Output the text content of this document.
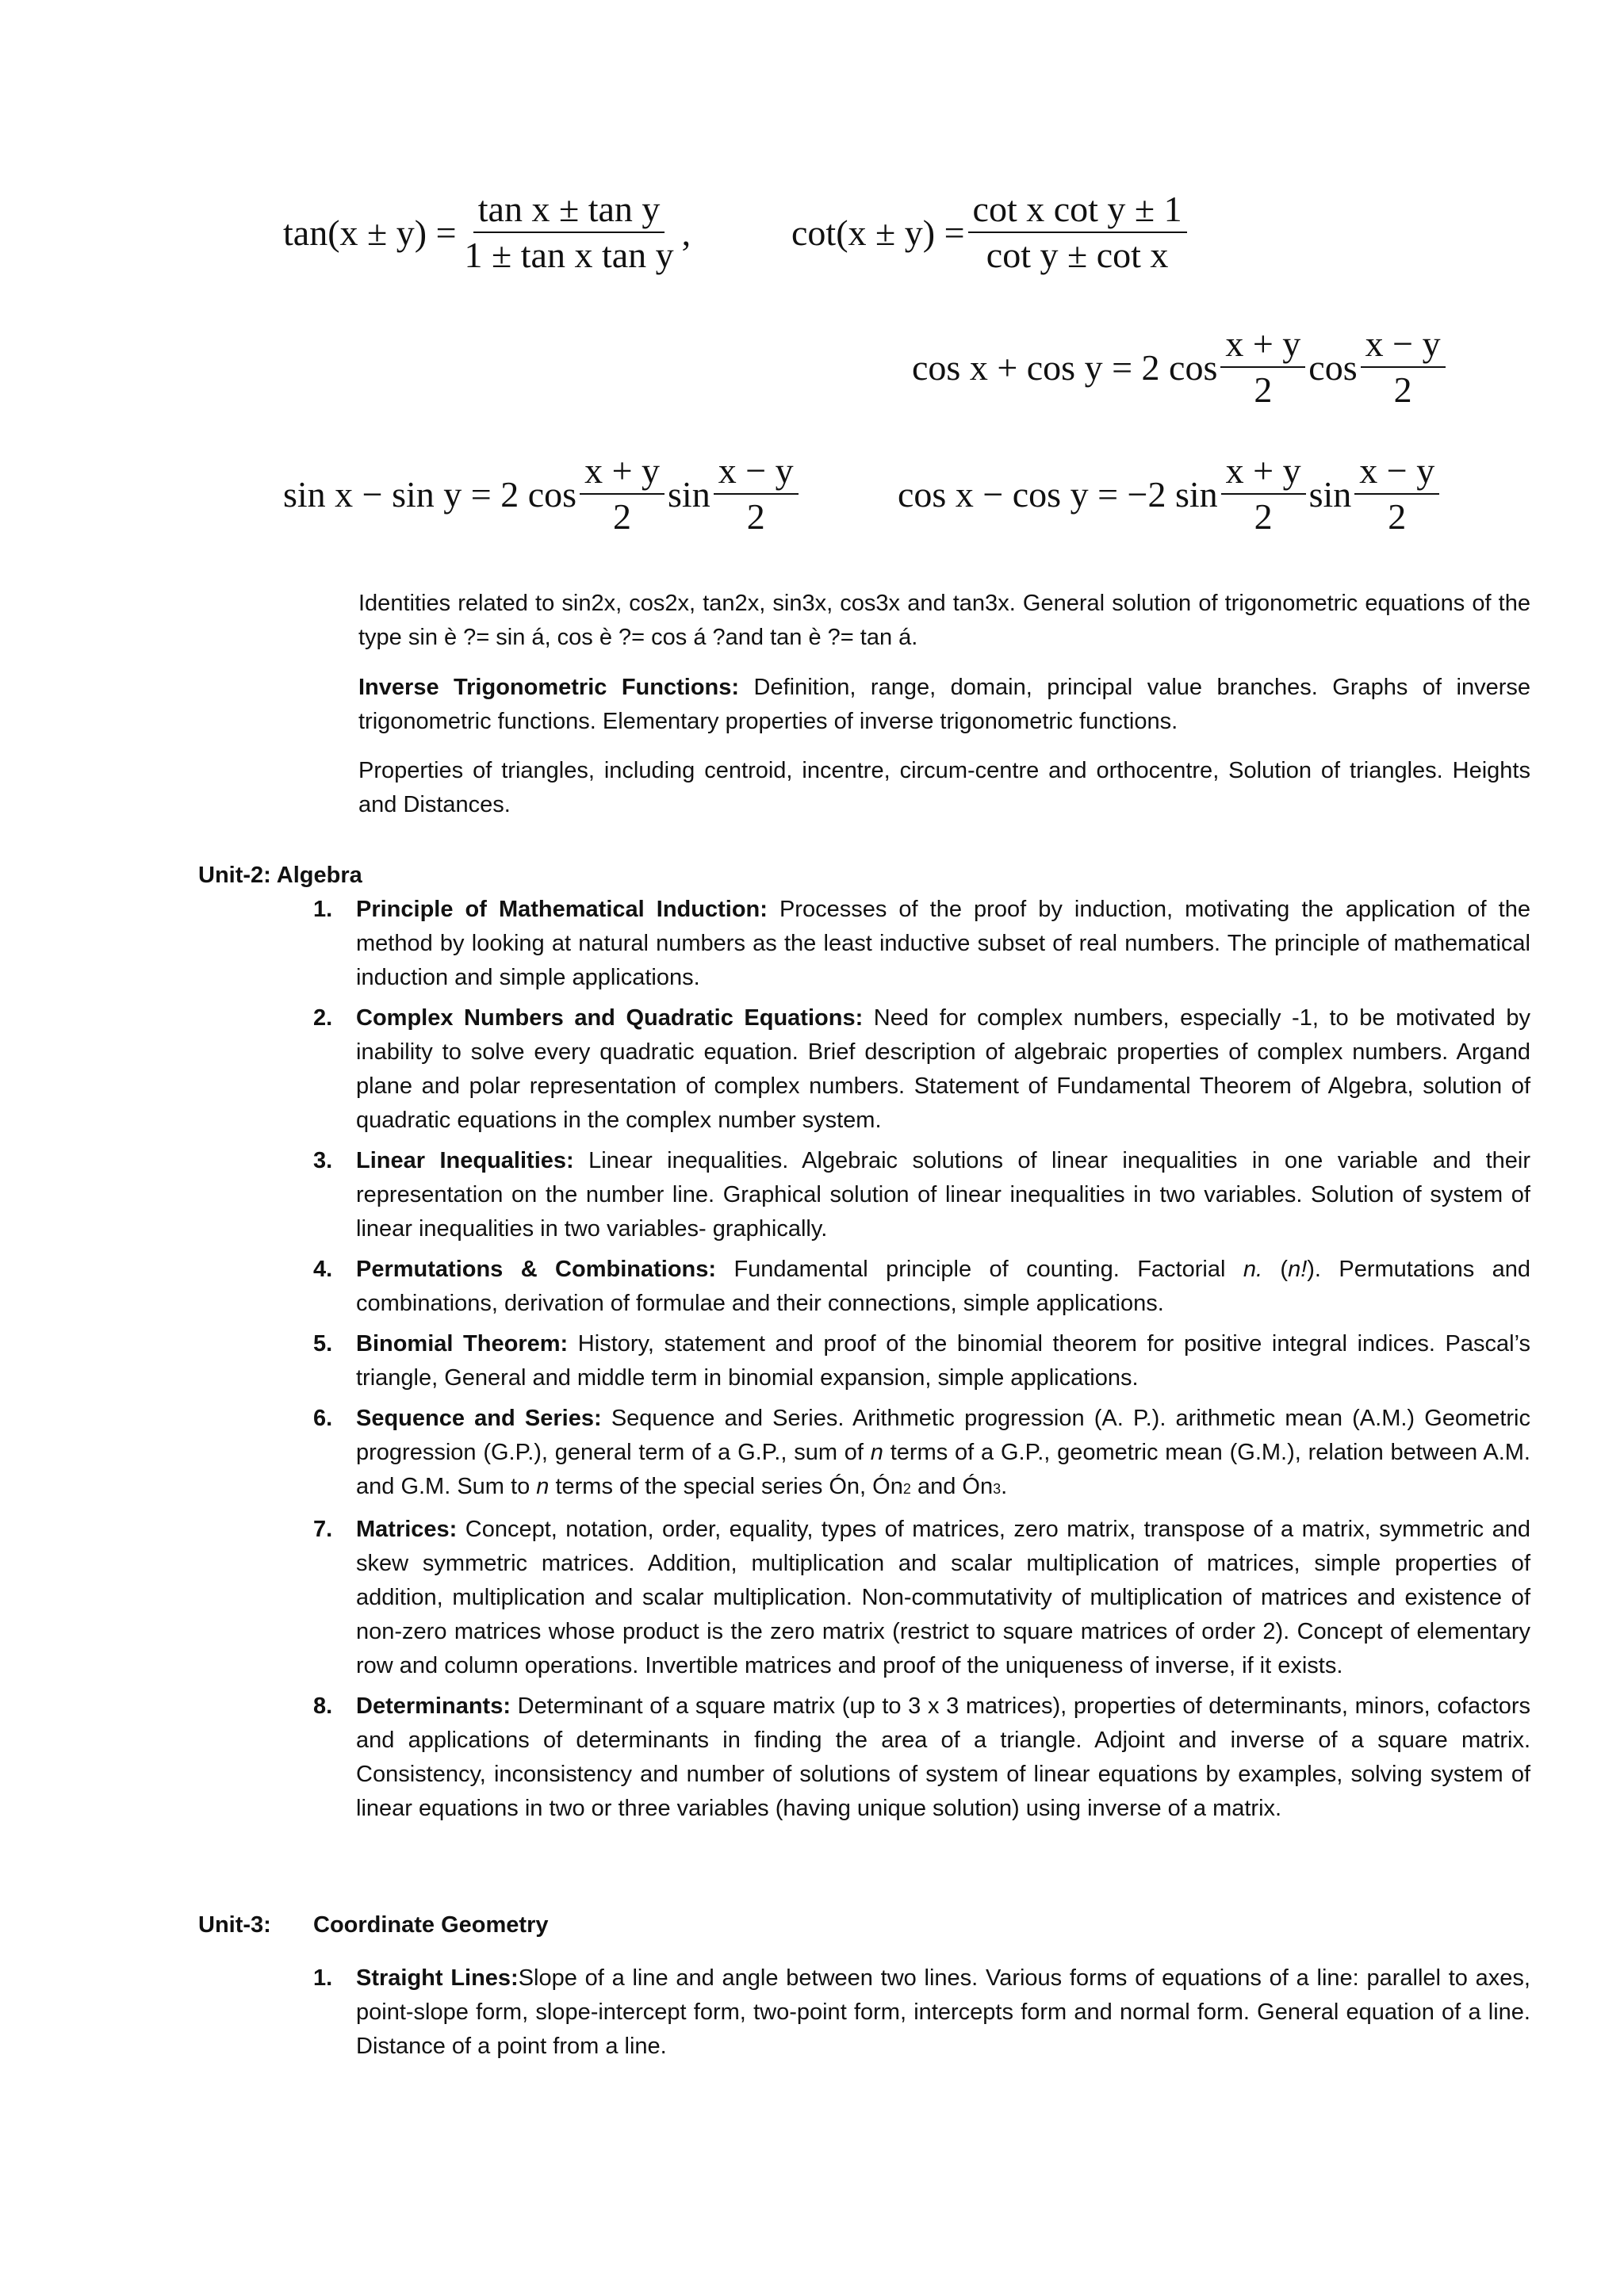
$\tan(x \pm y) = \frac{\text{tan x ± tan y}}{\text{1 ± tan x tan y}}$ ,	$\cot(x \pm y) = \frac{\text{cot x cot y ± 1}}{\text{cot y ± cot x}}$
cos x + cos y = 2 $\cos \frac{x + y}{2}$ $\cos \frac{x - y}{2}$
sin x − sin y = 2 $\cos \frac{x + y}{2}$ $\sin \frac{x - y}{2}$	cos x − cos y = −2 $\sin \frac{x + y}{2}$ $\sin \frac{x - y}{2}$
Identities related to sin2x, cos2x, tan2x, sin3x, cos3x and tan3x. General solution of trigonometric equations of the type sin è ?= sin á, cos è ?= cos á ?and tan è ?= tan á.
Inverse Trigonometric Functions: Definition, range, domain, principal value branches. Graphs of inverse trigonometric functions. Elementary properties of inverse trigonometric functions.
Properties of triangles, including centroid, incentre, circum-centre and orthocentre, Solution of triangles. Heights and Distances.
Unit-2: Algebra
1.	Principle of Mathematical Induction: Processes of the proof by induction, motivating the application of the method by looking at natural numbers as the least inductive subset of real numbers. The principle of mathematical induction and simple applications.
2.	Complex Numbers and Quadratic Equations: Need for complex numbers, especially -1, to be motivated by inability to solve every quadratic equation. Brief description of algebraic properties of complex numbers. Argand plane and polar representation of complex numbers. Statement of Fundamental Theorem of Algebra, solution of quadratic equations in the complex number system.
3.	Linear Inequalities: Linear inequalities. Algebraic solutions of linear inequalities in one variable and their representation on the number line. Graphical solution of linear inequalities in two variables. Solution of system of linear inequalities in two variables- graphically.
4.	Permutations & Combinations: Fundamental principle of counting. Factorial n. (n!). Permutations and combinations, derivation of formulae and their connections, simple applications.
5.	Binomial Theorem: History, statement and proof of the binomial theorem for positive integral indices. Pascal’s triangle, General and middle term in binomial expansion, simple applications.
6.	Sequence and Series: Sequence and Series. Arithmetic progression (A. P.). arithmetic mean (A.M.) Geometric progression (G.P.), general term of a G.P., sum of n terms of a G.P., geometric mean (G.M.), relation between A.M. and G.M. Sum to n terms of the special series Ón, Ón2 and Ón3.
7.	Matrices: Concept, notation, order, equality, types of matrices, zero matrix, transpose of a matrix, symmetric and skew symmetric matrices. Addition, multiplication and scalar multiplication of matrices, simple properties of addition, multiplication and scalar multiplication. Non-commutativity of multiplication of matrices and existence of non-zero matrices whose product is the zero matrix (restrict to square matrices of order 2). Concept of elementary row and column operations. Invertible matrices and proof of the uniqueness of inverse, if it exists.
8.	Determinants: Determinant of a square matrix (up to 3 x 3 matrices), properties of determinants, minors, cofactors and applications of determinants in finding the area of a triangle. Adjoint and inverse of a square matrix. Consistency, inconsistency and number of solutions of system of linear equations by examples, solving system of linear equations in two or three variables (having unique solution) using inverse of a matrix.
Unit-3: Coordinate Geometry
1.	Straight Lines:Slope of a line and angle between two lines. Various forms of equations of a line: parallel to axes, point-slope form, slope-intercept form, two-point form, intercepts form and normal form. General equation of a line. Distance of a point from a line.
